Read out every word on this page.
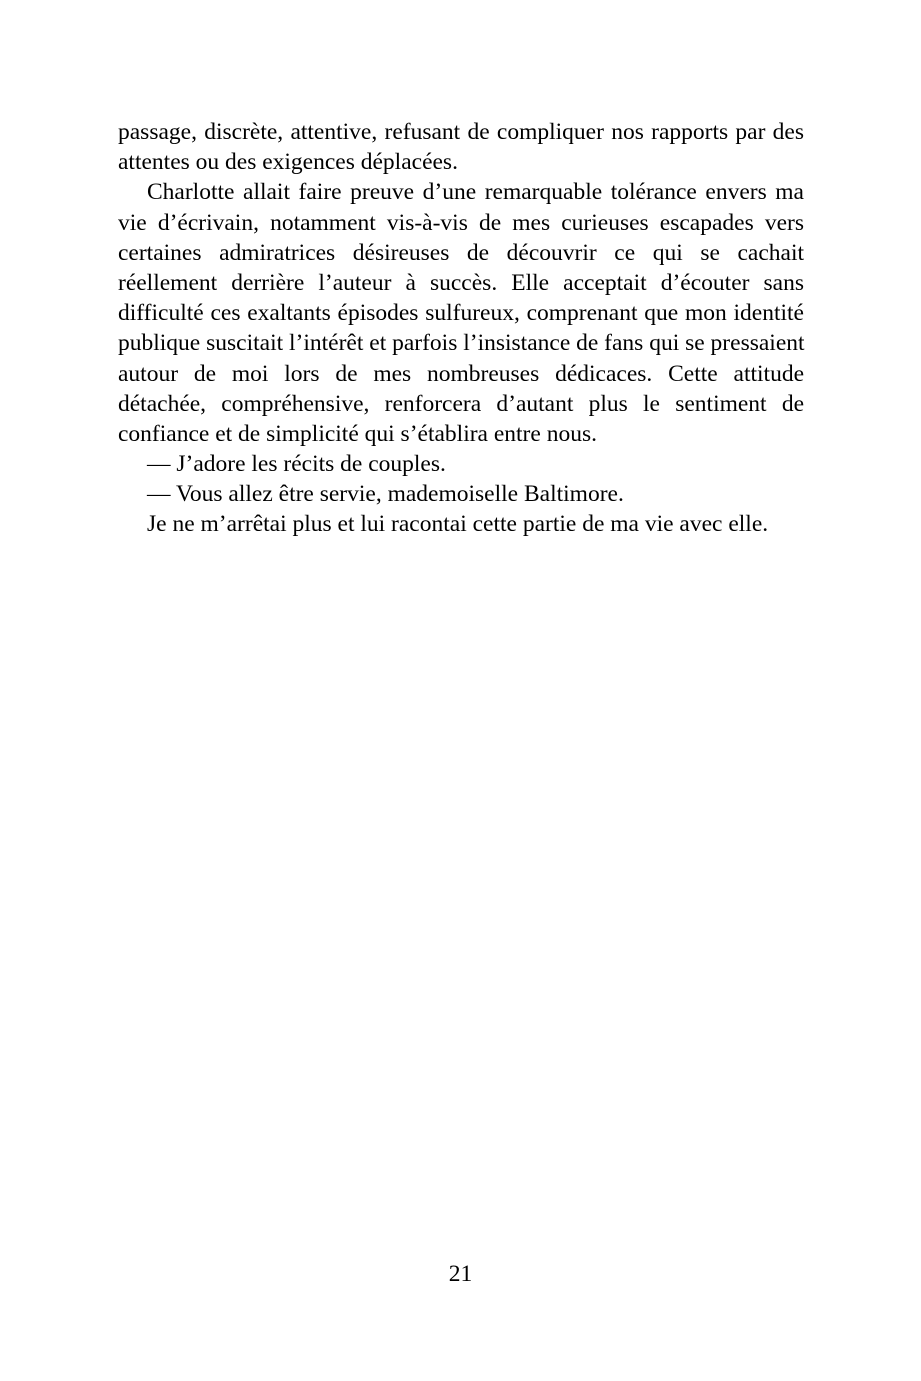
passage, discrète, attentive, refusant de compliquer nos rapports par des
attentes ou des exigences déplacées.
Charlotte allait faire preuve d’une remarquable tolérance envers ma
vie d’écrivain, notamment vis-à-vis de mes curieuses escapades vers
certaines admiratrices désireuses de découvrir ce qui se cachait
réellement derrière l’auteur à succès. Elle acceptait d’écouter sans
difficulté ces exaltants épisodes sulfureux, comprenant que mon identité
publique suscitait l’intérêt et parfois l’insistance de fans qui se pressaient
autour de moi lors de mes nombreuses dédicaces. Cette attitude
détachée, compréhensive, renforcera d’autant plus le sentiment de
confiance et de simplicité qui s’établira entre nous.
— J’adore les récits de couples.
— Vous allez être servie, mademoiselle Baltimore.
Je ne m’arrêtai plus et lui racontai cette partie de ma vie avec elle.
21
